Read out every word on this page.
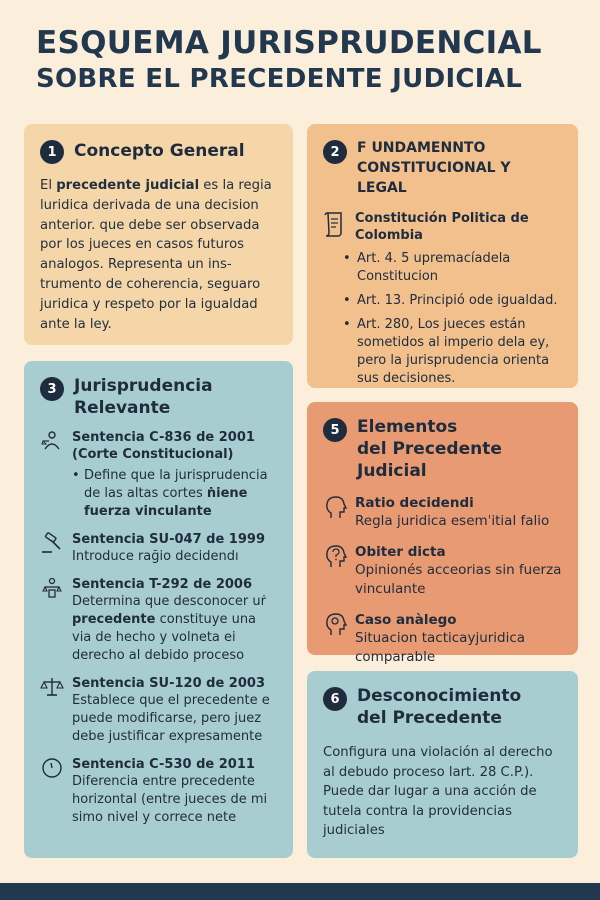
ESQUEMA JURISPRUDENCIAL
SOBRE EL PRECEDENTE JUDICIAL
1	Concepto General

El precedente judicial es la regia luridica derivada de una decision anterior. que debe ser observada por los jueces en casos futuros analogos. Representa un ins-trumento de coherencia, seguaro juridica y respeto por la igualdad ante la ley.

2	F UNDAMENNTO
CONSTITUCIONAL Y LEGAL
Constitución Politica de Colombia
• Art. 4. 5 upremacíadela Constitucion
• Art. 13. Principió ode igualdad.
• Art. 280, Los jueces están sometidos al imperio dela ey, pero la jurisprudencia orienta sus decisiones.
3	Jurisprudencia
Relevante
Sentencia C-836 de 2001
(Corte Constitucional)
• Define que la jurisprudencia de las altas cortes ṅiene fuerza vinculante
Sentencia SU-047 de 1999
Introduce rağio decidendı
Sentencia T-292 de 2006
Determina que desconocer uṙ precedente constituye una via de hecho y volneta ei derecho al debido proceso
Sentencia SU-120 de 2003
Establece que el precedente e puede modificarse, pero juez debe justificar expresamente
Sentencia C-530 de 2011
Diferencia entre precedente horizontal (entre jueces de mi simo nivel y correce nete
5	Elementos
del Precedente Judicial
Ratio decidendi
Regla juridica esemˈitial falio
Obiter dicta
Opinionés acceorias sin fuerza vinculante
Caso anàlego
Situacion tacticayjuridica comparable
6	Desconocimiento
del Precedente

Configura una violación al derecho al debudo proceso lart. 28 C.P.). Puede dar lugar a una acción de tutela contra la providencias judiciales
